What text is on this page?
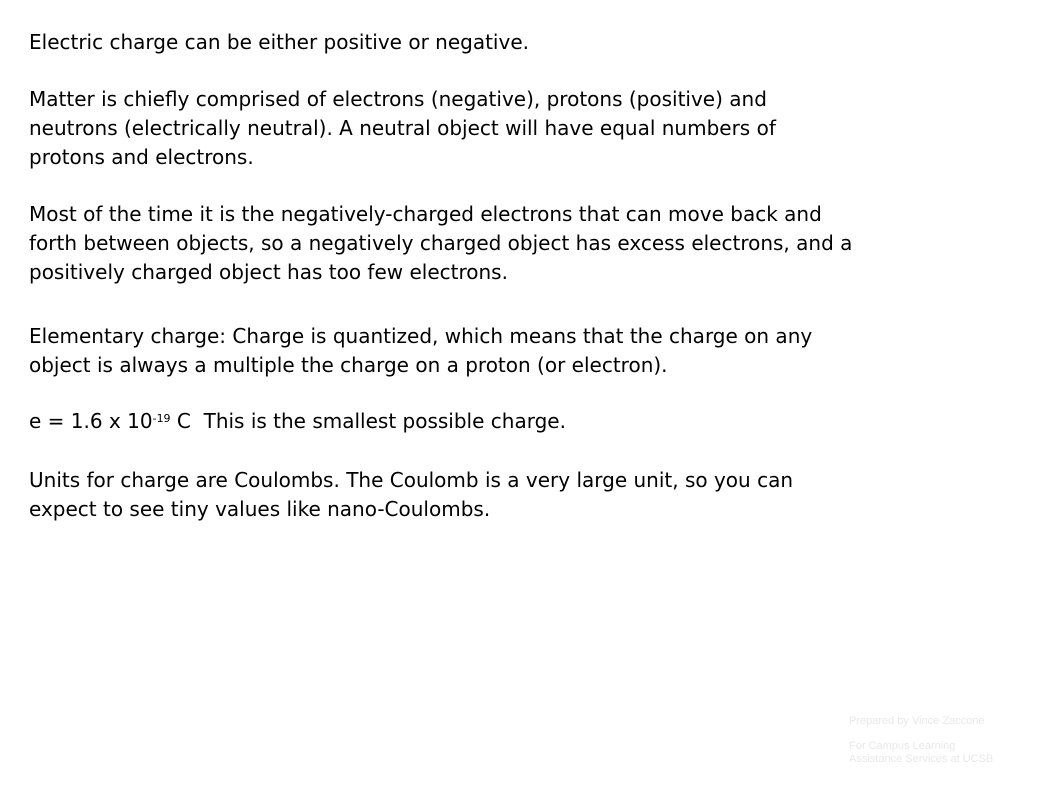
Electric charge can be either positive or negative.

Matter is chiefly comprised of electrons (negative), protons (positive) and
neutrons (electrically neutral). A neutral object will have equal numbers of
protons and electrons.

Most of the time it is the negatively-charged electrons that can move back and
forth between objects, so a negatively charged object has excess electrons, and a
positively charged object has too few electrons.

Elementary charge: Charge is quantized, which means that the charge on any
object is always a multiple the charge on a proton (or electron).

e = 1.6 x $10^{-19}$ C  This is the smallest possible charge.

Units for charge are Coulombs. The Coulomb is a very large unit, so you can
expect to see tiny values like nano-Coulombs.

Prepared by Vince Zaccone

For Campus Learning
Assistance Services at UCSB
